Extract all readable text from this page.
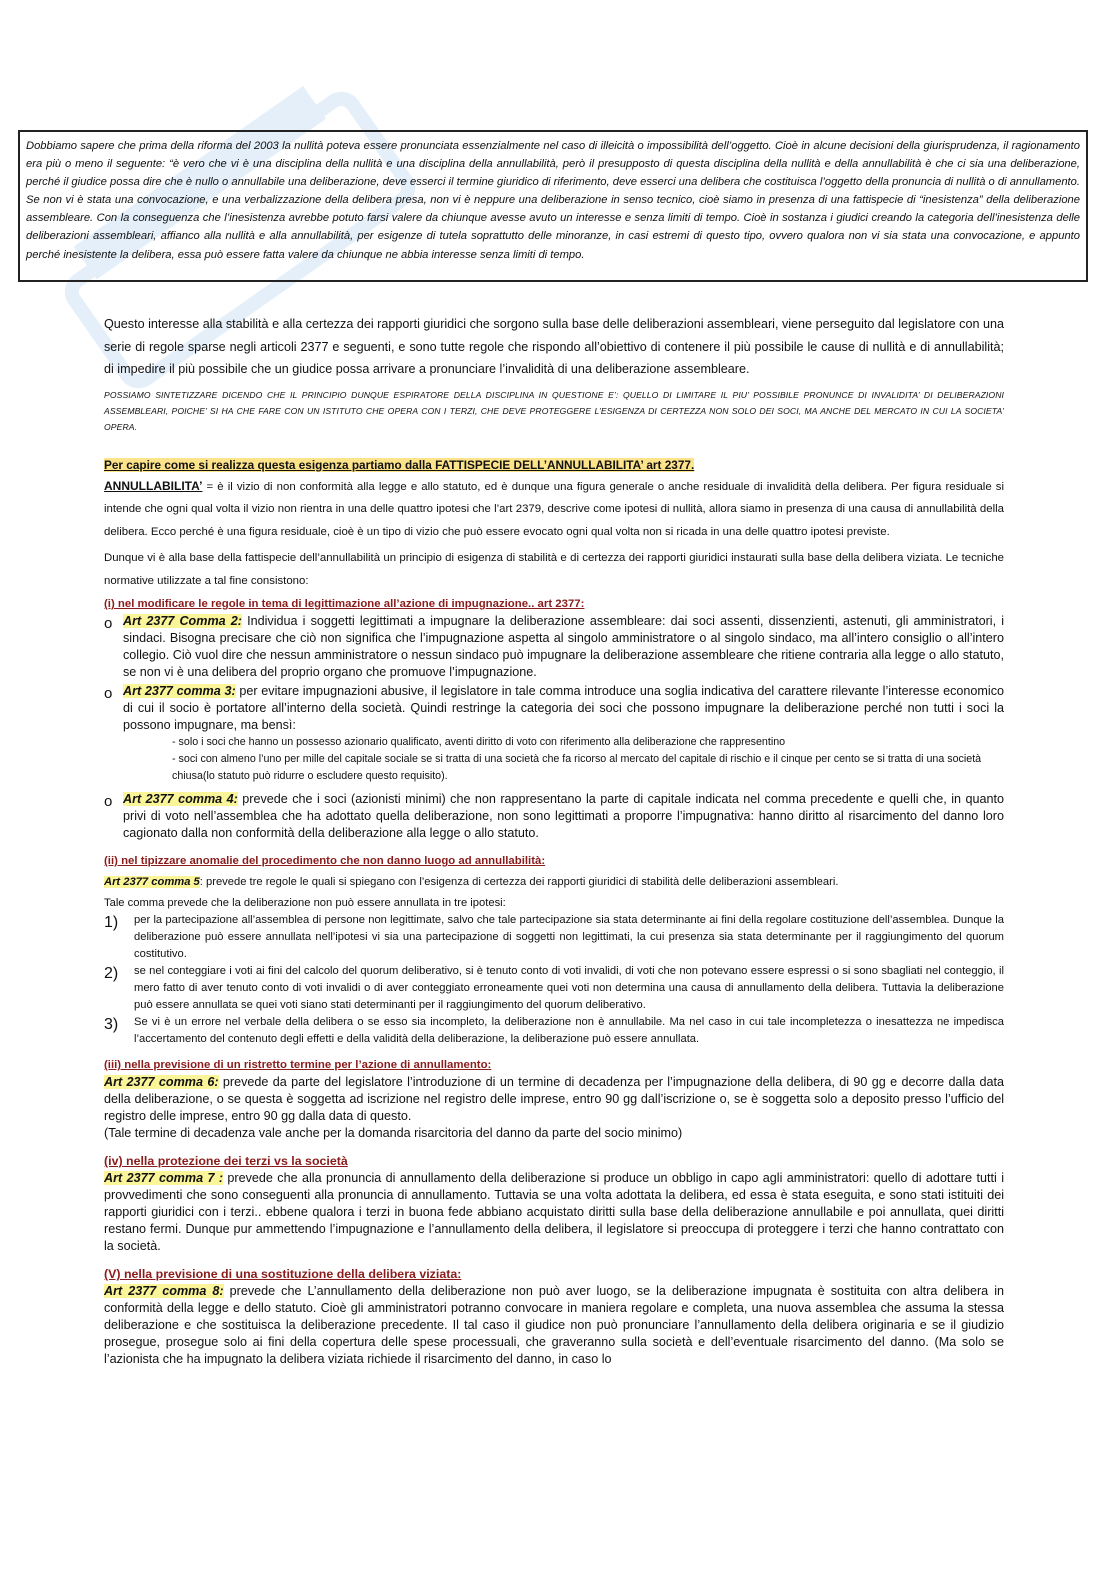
Dobbiamo sapere che prima della riforma del 2003 la nullità poteva essere pronunciata essenzialmente nel caso di illeicità o impossibilità dell’oggetto. Cioè in alcune decisioni della giurisprudenza, il ragionamento era più o meno il seguente: “è vero che vi è una disciplina della nullità e una disciplina della annullabilità, però il presupposto di questa disciplina della nullità e della annullabilità è che ci sia una deliberazione, perché il giudice possa dire che è nullo o annullabile una deliberazione, deve esserci il termine giuridico di riferimento, deve esserci una delibera che costituisca l’oggetto della pronuncia di nullità o di annullamento. Se non vi è stata una convocazione, e una verbalizzazione della delibera presa, non vi è neppure una deliberazione in senso tecnico, cioè siamo in presenza di una fattispecie di “inesistenza” della deliberazione assembleare. Con la conseguenza che l’inesistenza avrebbe potuto farsi valere da chiunque avesse avuto un interesse e senza limiti di tempo. Cioè in sostanza i giudici creando la categoria dell’inesistenza delle deliberazioni assembleari, affianco alla nullità e alla annullabilità, per esigenze di tutela soprattutto delle minoranze, in casi estremi di questo tipo, ovvero qualora non vi sia stata una convocazione, e appunto perché inesistente la delibera, essa può essere fatta valere da chiunque ne abbia interesse senza limiti di tempo.

Questo interesse alla stabilità e alla certezza dei rapporti giuridici che sorgono sulla base delle deliberazioni assembleari, viene perseguito dal legislatore con una serie di regole sparse negli articoli 2377 e seguenti, e sono tutte regole che rispondo all’obiettivo di contenere il più possibile le cause di nullità e di annullabilità; di impedire il più possibile che un giudice possa arrivare a pronunciare l’invalidità di una deliberazione assembleare.

POSSIAMO SINTETIZZARE DICENDO CHE IL PRINCIPIO DUNQUE ESPIRATORE DELLA DISCIPLINA IN QUESTIONE E’: QUELLO DI LIMITARE IL PIU’ POSSIBILE PRONUNCE DI INVALIDITA’ DI DELIBERAZIONI ASSEMBLEARI, POICHE’ SI HA CHE FARE CON UN ISTITUTO CHE OPERA CON I TERZI, CHE DEVE PROTEGGERE L’ESIGENZA DI CERTEZZA NON SOLO DEI SOCI, MA ANCHE DEL MERCATO IN CUI LA SOCIETA’ OPERA.

Per capire come si realizza questa esigenza partiamo dalla FATTISPECIE DELL’ANNULLABILITA’ art 2377.

ANNULLABILITA’ = è il vizio di non conformità alla legge e allo statuto, ed è dunque una figura generale o anche residuale di invalidità della delibera. Per figura residuale si intende che ogni qual volta il vizio non rientra in una delle quattro ipotesi che l’art 2379, descrive come ipotesi di nullità, allora siamo in presenza di una causa di annullabilità della delibera. Ecco perché è una figura residuale, cioè è un tipo di vizio che può essere evocato ogni qual volta non si ricada in una delle quattro ipotesi previste.

Dunque vi è alla base della fattispecie dell’annullabilità un principio di esigenza di stabilità e di certezza dei rapporti giuridici instaurati sulla base della delibera viziata. Le tecniche normative utilizzate a tal fine consistono:

(i) nel modificare le regole in tema di legittimazione all’azione di impugnazione.. art 2377:

o Art 2377 Comma 2: Individua i soggetti legittimati a impugnare la deliberazione assembleare: dai soci assenti, dissenzienti, astenuti, gli amministratori, i sindaci. Bisogna precisare che ciò non significa che l’impugnazione aspetta al singolo amministratore o al singolo sindaco, ma all’intero consiglio o all’intero collegio. Ciò vuol dire che nessun amministratore o nessun sindaco può impugnare la deliberazione assembleare che ritiene contraria alla legge o allo statuto, se non vi è una delibera del proprio organo che promuove l’impugnazione.

o Art 2377 comma 3: per evitare impugnazioni abusive, il legislatore in tale comma introduce una soglia indicativa del carattere rilevante l’interesse economico di cui il socio è portatore all’interno della società. Quindi restringe la categoria dei soci che possono impugnare la deliberazione perché non tutti i soci la possono impugnare, ma bensì:

- solo i soci che hanno un possesso azionario qualificato, aventi diritto di voto con riferimento alla deliberazione che rappresentino

- soci con almeno l’uno per mille del capitale sociale se si tratta di una società che fa ricorso al mercato del capitale di rischio e il cinque per cento se si tratta di una società chiusa(lo statuto può ridurre o escludere questo requisito).

o Art 2377 comma 4: prevede che i soci (azionisti minimi) che non rappresentano la parte di capitale indicata nel comma precedente e quelli che, in quanto privi di voto nell’assemblea che ha adottato quella deliberazione, non sono legittimati a proporre l’impugnativa: hanno diritto al risarcimento del danno loro cagionato dalla non conformità della deliberazione alla legge o allo statuto.

(ii) nel tipizzare anomalie del procedimento che non danno luogo ad annullabilità:

Art 2377 comma 5: prevede tre regole le quali si spiegano con l’esigenza di certezza dei rapporti giuridici di stabilità delle deliberazioni assembleari.

Tale comma prevede che la deliberazione non può essere annullata in tre ipotesi:

1) per la partecipazione all’assemblea di persone non legittimate, salvo che tale partecipazione sia stata determinante ai fini della regolare costituzione dell’assemblea. Dunque la deliberazione può essere annullata nell’ipotesi vi sia una partecipazione di soggetti non legittimati, la cui presenza sia stata determinante per il raggiungimento del quorum costitutivo.

2) se nel conteggiare i voti ai fini del calcolo del quorum deliberativo, si è tenuto conto di voti invalidi, di voti che non potevano essere espressi o si sono sbagliati nel conteggio, il mero fatto di aver tenuto conto di voti invalidi o di aver conteggiato erroneamente quei voti non determina una causa di annullamento della delibera. Tuttavia la deliberazione può essere annullata se quei voti siano stati determinanti per il raggiungimento del quorum deliberativo.

3) Se vi è un errore nel verbale della delibera o se esso sia incompleto, la deliberazione non è annullabile. Ma nel caso in cui tale incompletezza o inesattezza ne impedisca l’accertamento del contenuto degli effetti e della validità della deliberazione, la deliberazione può essere annullata.

(iii) nella previsione di un ristretto termine per l’azione di annullamento:

Art 2377 comma 6: prevede da parte del legislatore l’introduzione di un termine di decadenza per l’impugnazione della delibera, di 90 gg e decorre dalla data della deliberazione, o se questa è soggetta ad iscrizione nel registro delle imprese, entro 90 gg dall’iscrizione o, se è soggetta solo a deposito presso l’ufficio del registro delle imprese, entro 90 gg dalla data di questo.

(Tale termine di decadenza vale anche per la domanda risarcitoria del danno da parte del socio minimo)

(iv) nella protezione dei terzi vs la società

Art 2377 comma 7 : prevede che alla pronuncia di annullamento della deliberazione si produce un obbligo in capo agli amministratori: quello di adottare tutti i provvedimenti che sono conseguenti alla pronuncia di annullamento. Tuttavia se una volta adottata la delibera, ed essa è stata eseguita, e sono stati istituiti dei rapporti giuridici con i terzi.. ebbene qualora i terzi in buona fede abbiano acquistato diritti sulla base della deliberazione annullabile e poi annullata, quei diritti restano fermi. Dunque pur ammettendo l’impugnazione e l’annullamento della delibera, il legislatore si preoccupa di proteggere i terzi che hanno contrattato con la società.

(V) nella previsione di una sostituzione della delibera viziata:

Art 2377 comma 8: prevede che L’annullamento della deliberazione non può aver luogo, se la deliberazione impugnata è sostituita con altra delibera in conformità della legge e dello statuto. Cioè gli amministratori potranno convocare in maniera regolare e completa, una nuova assemblea che assuma la stessa deliberazione e che sostituisca la deliberazione precedente. Il tal caso il giudice non può pronunciare l’annullamento della delibera originaria e se il giudizio prosegue, prosegue solo ai fini della copertura delle spese processuali, che graveranno sulla società e dell’eventuale risarcimento del danno. (Ma solo se l’azionista che ha impugnato la delibera viziata richiede il risarcimento del danno, in caso lo
